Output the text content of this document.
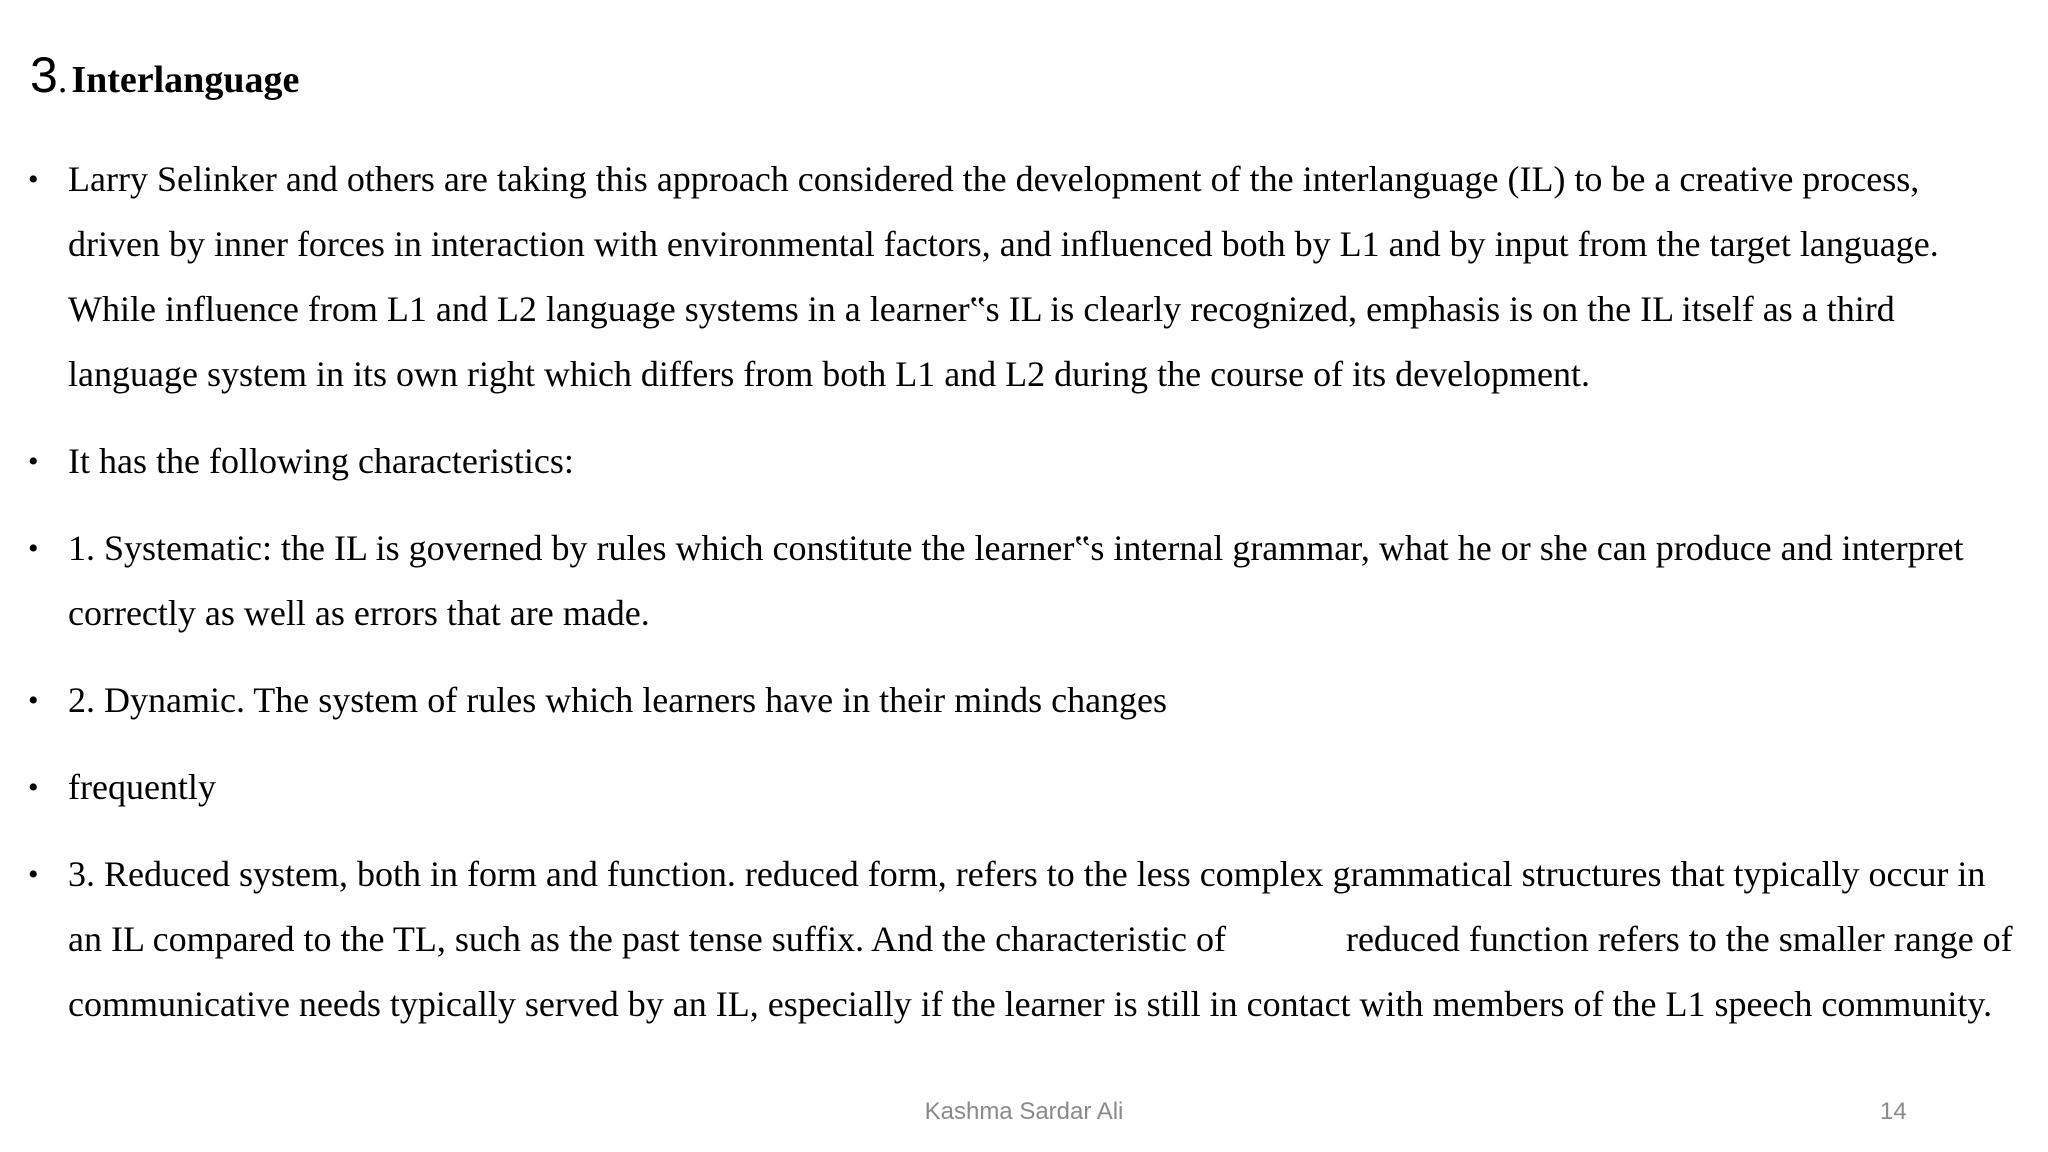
3. Interlanguage
• Larry Selinker and others are taking this approach considered the development of the interlanguage (IL) to be a creative process, driven by inner forces in interaction with environmental factors, and influenced both by L1 and by input from the target language. While influence from L1 and L2 language systems in a learner‟s IL is clearly recognized, emphasis is on the IL itself as a third language system in its own right which differs from both L1 and L2 during the course of its development.
• It has the following characteristics:
• 1. Systematic: the IL is governed by rules which constitute the learner‟s internal grammar, what he or she can produce and interpret correctly as well as errors that are made.
• 2. Dynamic. The system of rules which learners have in their minds changes
• frequently
• 3. Reduced system, both in form and function. reduced form, refers to the less complex grammatical structures that typically occur in an IL compared to the TL, such as the past tense suffix. And the characteristic of	reduced function refers to the smaller range of communicative needs typically served by an IL, especially if the learner is still in contact with members of the L1 speech community.
Kashma Sardar Ali	14
